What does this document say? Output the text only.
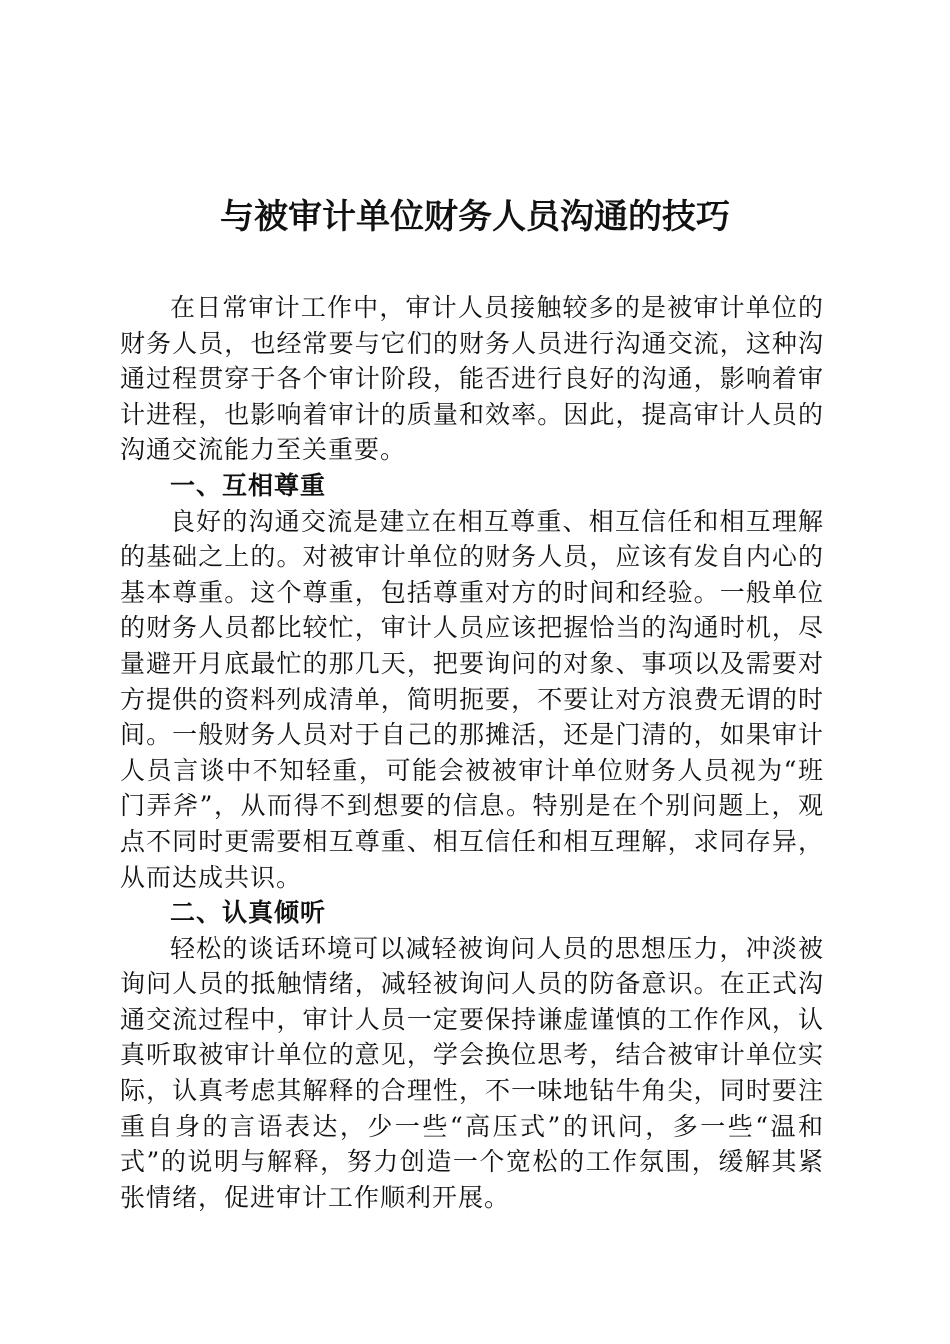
与被审计单位财务人员沟通的技巧

在日常审计工作中，审计人员接触较多的是被审计单位的财务人员，也经常要与它们的财务人员进行沟通交流，这种沟通过程贯穿于各个审计阶段，能否进行良好的沟通，影响着审计进程，也影响着审计的质量和效率。因此，提高审计人员的沟通交流能力至关重要。

一、互相尊重

良好的沟通交流是建立在相互尊重、相互信任和相互理解的基础之上的。对被审计单位的财务人员，应该有发自内心的基本尊重。这个尊重，包括尊重对方的时间和经验。一般单位的财务人员都比较忙，审计人员应该把握恰当的沟通时机，尽量避开月底最忙的那几天，把要询问的对象、事项以及需要对方提供的资料列成清单，简明扼要，不要让对方浪费无谓的时间。一般财务人员对于自己的那摊活，还是门清的，如果审计人员言谈中不知轻重，可能会被被审计单位财务人员视为“班门弄斧”，从而得不到想要的信息。特别是在个别问题上，观点不同时更需要相互尊重、相互信任和相互理解，求同存异，从而达成共识。

二、认真倾听

轻松的谈话环境可以减轻被询问人员的思想压力，冲淡被询问人员的抵触情绪，减轻被询问人员的防备意识。在正式沟通交流过程中，审计人员一定要保持谦虚谨慎的工作作风，认真听取被审计单位的意见，学会换位思考，结合被审计单位实际，认真考虑其解释的合理性，不一味地钻牛角尖，同时要注重自身的言语表达，少一些“高压式”的讯问，多一些“温和式”的说明与解释，努力创造一个宽松的工作氛围，缓解其紧张情绪，促进审计工作顺利开展。
